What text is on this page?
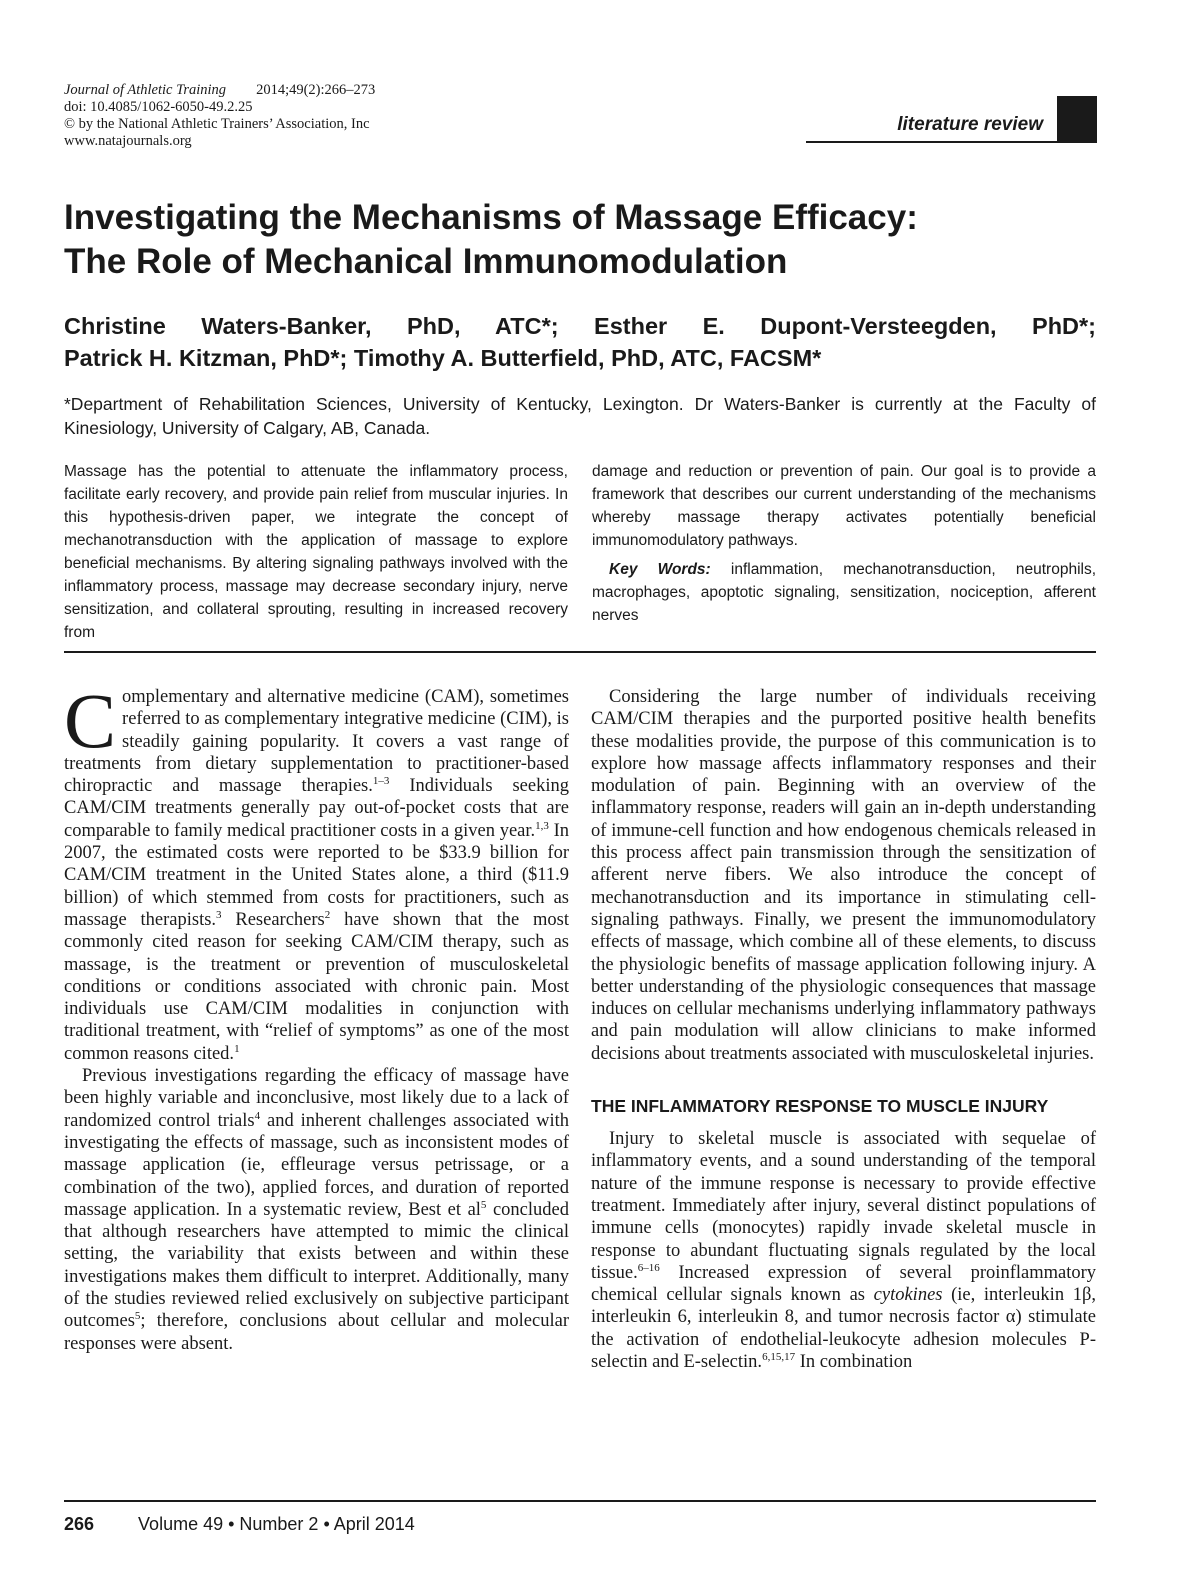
Journal of Athletic Training 2014;49(2):266–273
doi: 10.4085/1062-6050-49.2.25
© by the National Athletic Trainers’ Association, Inc
www.natajournals.org
literature review
Investigating the Mechanisms of Massage Efficacy:
The Role of Mechanical Immunomodulation
Christine Waters-Banker, PhD, ATC*; Esther E. Dupont-Versteegden, PhD*;
Patrick H. Kitzman, PhD*; Timothy A. Butterfield, PhD, ATC, FACSM*
*Department of Rehabilitation Sciences, University of Kentucky, Lexington. Dr Waters-Banker is currently at the Faculty of Kinesiology, University of Calgary, AB, Canada.

Massage has the potential to attenuate the inflammatory process, facilitate early recovery, and provide pain relief from muscular injuries. In this hypothesis-driven paper, we integrate the concept of mechanotransduction with the application of massage to explore beneficial mechanisms. By altering signaling pathways involved with the inflammatory process, massage may decrease secondary injury, nerve sensitization, and collateral sprouting, resulting in increased recovery from

damage and reduction or prevention of pain. Our goal is to provide a framework that describes our current understanding of the mechanisms whereby massage therapy activates potentially beneficial immunomodulatory pathways.

Key Words: inflammation, mechanotransduction, neutrophils, macrophages, apoptotic signaling, sensitization, nociception, afferent nerves

Complementary and alternative medicine (CAM), sometimes referred to as complementary integrative medicine (CIM), is steadily gaining popularity. It covers a vast range of treatments from dietary supplementation to practitioner-based chiropractic and massage therapies.$^{1-3}$ Individuals seeking CAM/CIM treatments generally pay out-of-pocket costs that are comparable to family medical practitioner costs in a given year.$^{1,3}$ In 2007, the estimated costs were reported to be $33.9 billion for CAM/CIM treatment in the United States alone, a third ($11.9 billion) of which stemmed from costs for practitioners, such as massage therapists.$^3$ Researchers$^2$ have shown that the most commonly cited reason for seeking CAM/CIM therapy, such as massage, is the treatment or prevention of musculoskeletal conditions or conditions associated with chronic pain. Most individuals use CAM/CIM modalities in conjunction with traditional treatment, with “relief of symptoms” as one of the most common reasons cited.$^1$

Previous investigations regarding the efficacy of massage have been highly variable and inconclusive, most likely due to a lack of randomized control trials$^4$ and inherent challenges associated with investigating the effects of massage, such as inconsistent modes of massage application (ie, effleurage versus petrissage, or a combination of the two), applied forces, and duration of reported massage application. In a systematic review, Best et $al^5$ concluded that although researchers have attempted to mimic the clinical setting, the variability that exists between and within these investigations makes them difficult to interpret. Additionally, many of the studies reviewed relied exclusively on subjective participant outcomes$^5$; therefore, conclusions about cellular and molecular responses were absent.

Considering the large number of individuals receiving CAM/CIM therapies and the purported positive health benefits these modalities provide, the purpose of this communication is to explore how massage affects inflammatory responses and their modulation of pain. Beginning with an overview of the inflammatory response, readers will gain an in-depth understanding of immune-cell function and how endogenous chemicals released in this process affect pain transmission through the sensitization of afferent nerve fibers. We also introduce the concept of mechanotransduction and its importance in stimulating cell-signaling pathways. Finally, we present the immunomodulatory effects of massage, which combine all of these elements, to discuss the physiologic benefits of massage application following injury. A better understanding of the physiologic consequences that massage induces on cellular mechanisms underlying inflammatory pathways and pain modulation will allow clinicians to make informed decisions about treatments associated with musculoskeletal injuries.

THE INFLAMMATORY RESPONSE TO MUSCLE INJURY

Injury to skeletal muscle is associated with sequelae of inflammatory events, and a sound understanding of the temporal nature of the immune response is necessary to provide effective treatment. Immediately after injury, several distinct populations of immune cells (monocytes) rapidly invade skeletal muscle in response to abundant fluctuating signals regulated by the local tissue.$^{6-16}$ Increased expression of several proinflammatory chemical cellular signals known as cytokines (ie, interleukin 1β, interleukin 6, interleukin 8, and tumor necrosis factor α) stimulate the activation of endothelial-leukocyte adhesion molecules P-selectin and E-selectin.$^{6,15,17}$ In combination

266 Volume 49 • Number 2 • April 2014
